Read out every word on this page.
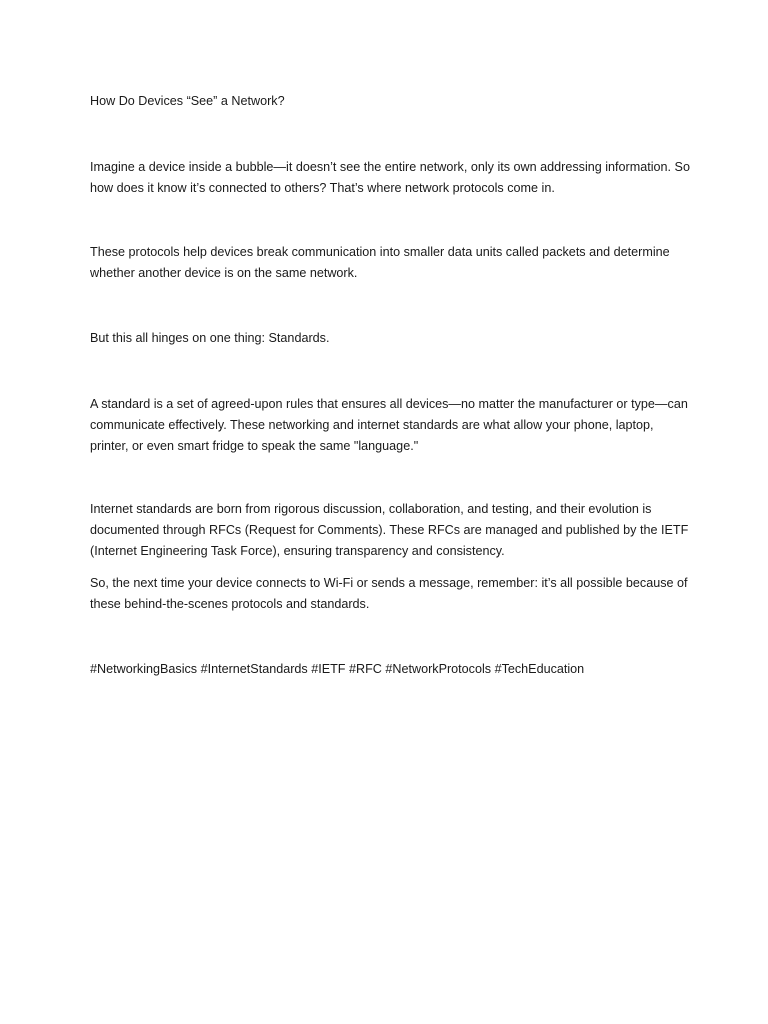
How Do Devices “See” a Network?

Imagine a device inside a bubble—it doesn’t see the entire network, only its own addressing information. So how does it know it’s connected to others? That’s where network protocols come in.

These protocols help devices break communication into smaller data units called packets and determine whether another device is on the same network.

But this all hinges on one thing: Standards.

A standard is a set of agreed-upon rules that ensures all devices—no matter the manufacturer or type—can communicate effectively. These networking and internet standards are what allow your phone, laptop, printer, or even smart fridge to speak the same "language."

Internet standards are born from rigorous discussion, collaboration, and testing, and their evolution is documented through RFCs (Request for Comments). These RFCs are managed and published by the IETF (Internet Engineering Task Force), ensuring transparency and consistency.

So, the next time your device connects to Wi-Fi or sends a message, remember: it’s all possible because of these behind-the-scenes protocols and standards.

#NetworkingBasics #InternetStandards #IETF #RFC #NetworkProtocols #TechEducation
